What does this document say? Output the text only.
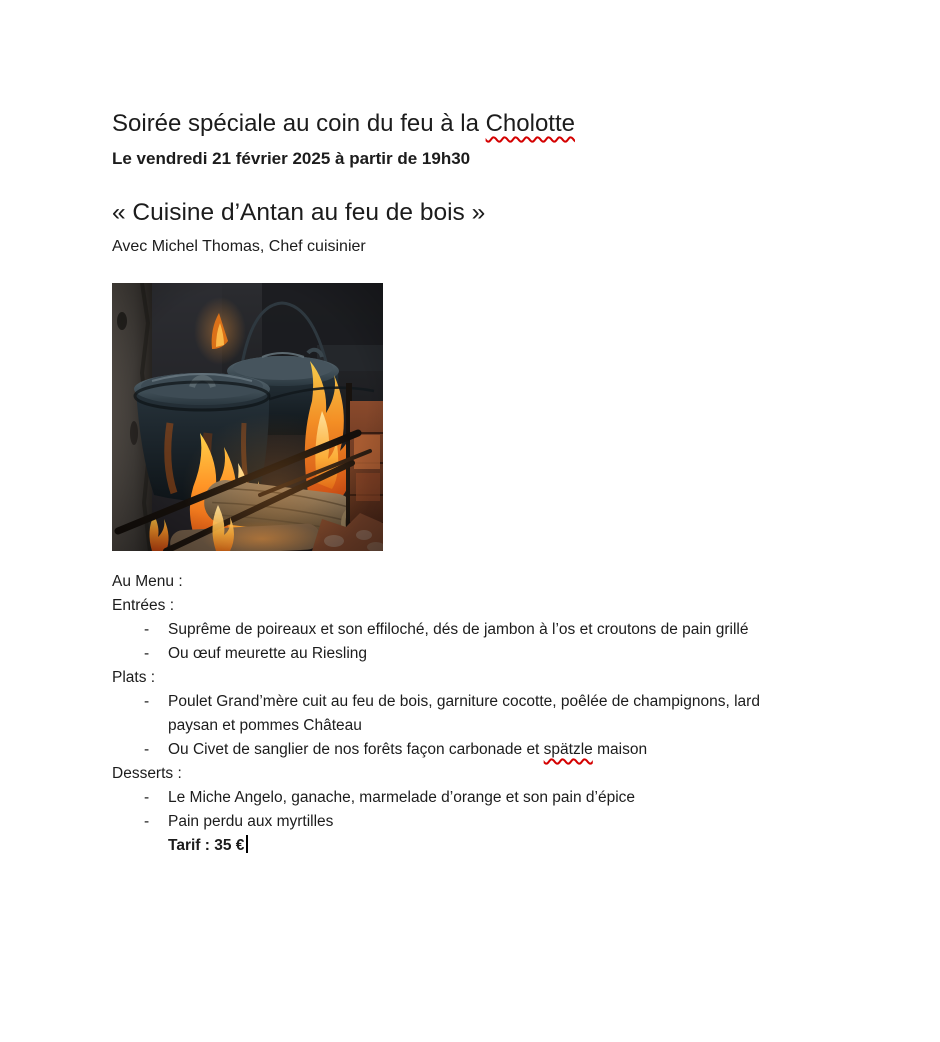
Soirée spéciale au coin du feu à la Cholotte

Le vendredi 21 février 2025 à partir de 19h30

« Cuisine d’Antan au feu de bois »

Avec Michel Thomas, Chef cuisinier

Au Menu :

Entrées :
-	Suprême de poireaux et son effiloché, dés de jambon à l’os et croutons de pain grillé
-	Ou œuf meurette au Riesling
Plats :
-	Poulet Grand’mère cuit au feu de bois, garniture cocotte, poêlée de champignons, lard paysan et pommes Château
-	Ou Civet de sanglier de nos forêts façon carbonade et spätzle maison
Desserts :
-	Le Miche Angelo, ganache, marmelade d’orange et son pain d’épice
-	Pain perdu aux myrtilles

Tarif : 35 €
